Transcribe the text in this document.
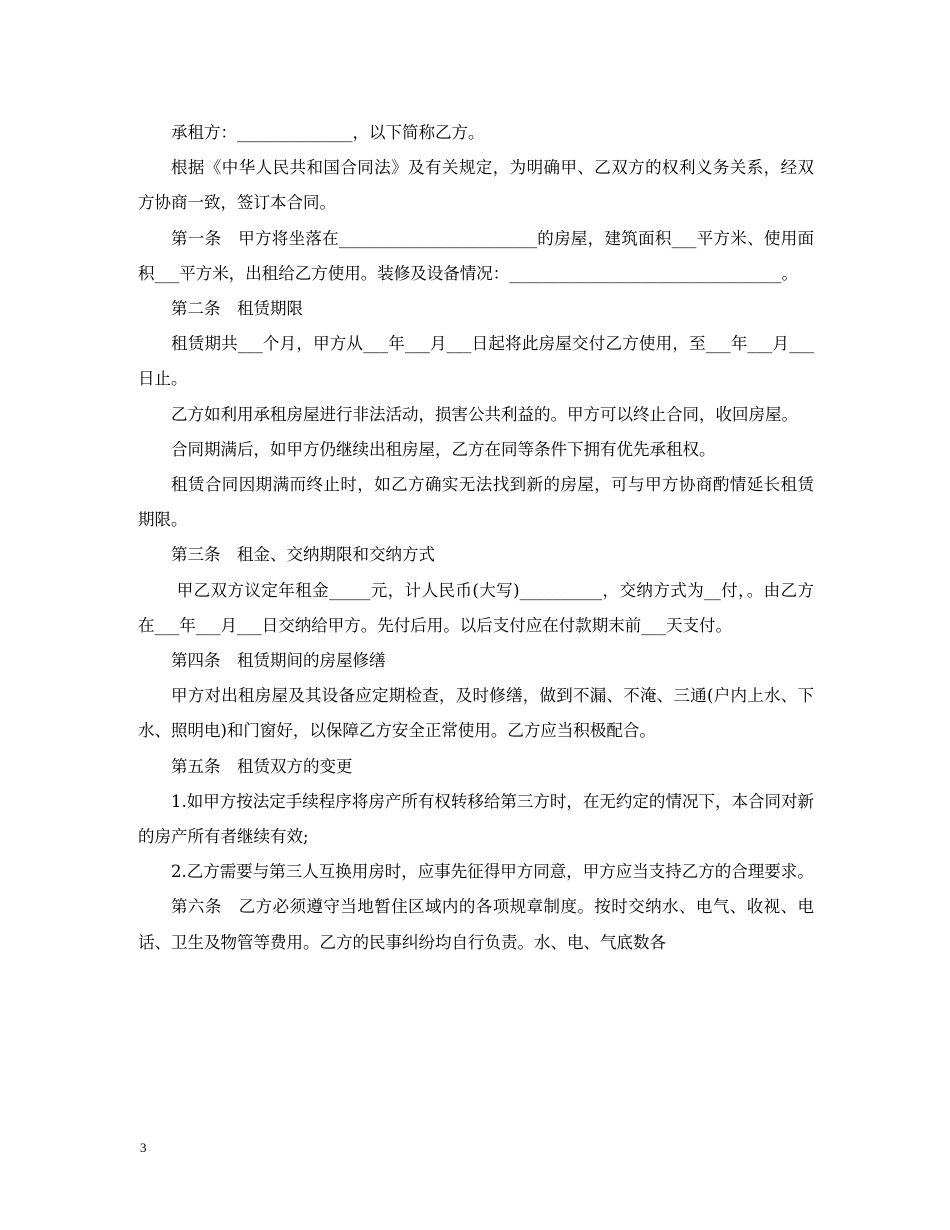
承租方：______________，以下简称乙方。

根据《中华人民共和国合同法》及有关规定，为明确甲、乙双方的权利义务关系，经双方协商一致，签订本合同。

第一条　甲方将坐落在________________________的房屋，建筑面积___平方米、使用面积___平方米，出租给乙方使用。装修及设备情况：_________________________________。

第二条　租赁期限

租赁期共___个月，甲方从___年___月___日起将此房屋交付乙方使用，至___年___月___日止。

乙方如利用承租房屋进行非法活动，损害公共利益的。甲方可以终止合同，收回房屋。

合同期满后，如甲方仍继续出租房屋，乙方在同等条件下拥有优先承租权。

租赁合同因期满而终止时，如乙方确实无法找到新的房屋，可与甲方协商酌情延长租赁期限。

第三条　租金、交纳期限和交纳方式

甲乙双方议定年租金_____元，计人民币(大写)__________，交纳方式为__付，。由乙方在___年___月___日交纳给甲方。先付后用。以后支付应在付款期末前___天支付。

第四条　租赁期间的房屋修缮

甲方对出租房屋及其设备应定期检查，及时修缮，做到不漏、不淹、三通(户内上水、下水、照明电)和门窗好，以保障乙方安全正常使用。乙方应当积极配合。

第五条　租赁双方的变更

1.如甲方按法定手续程序将房产所有权转移给第三方时，在无约定的情况下，本合同对新的房产所有者继续有效;

2.乙方需要与第三人互换用房时，应事先征得甲方同意，甲方应当支持乙方的合理要求。

第六条　乙方必须遵守当地暂住区域内的各项规章制度。按时交纳水、电气、收视、电话、卫生及物管等费用。乙方的民事纠纷均自行负责。水、电、气底数各

3
